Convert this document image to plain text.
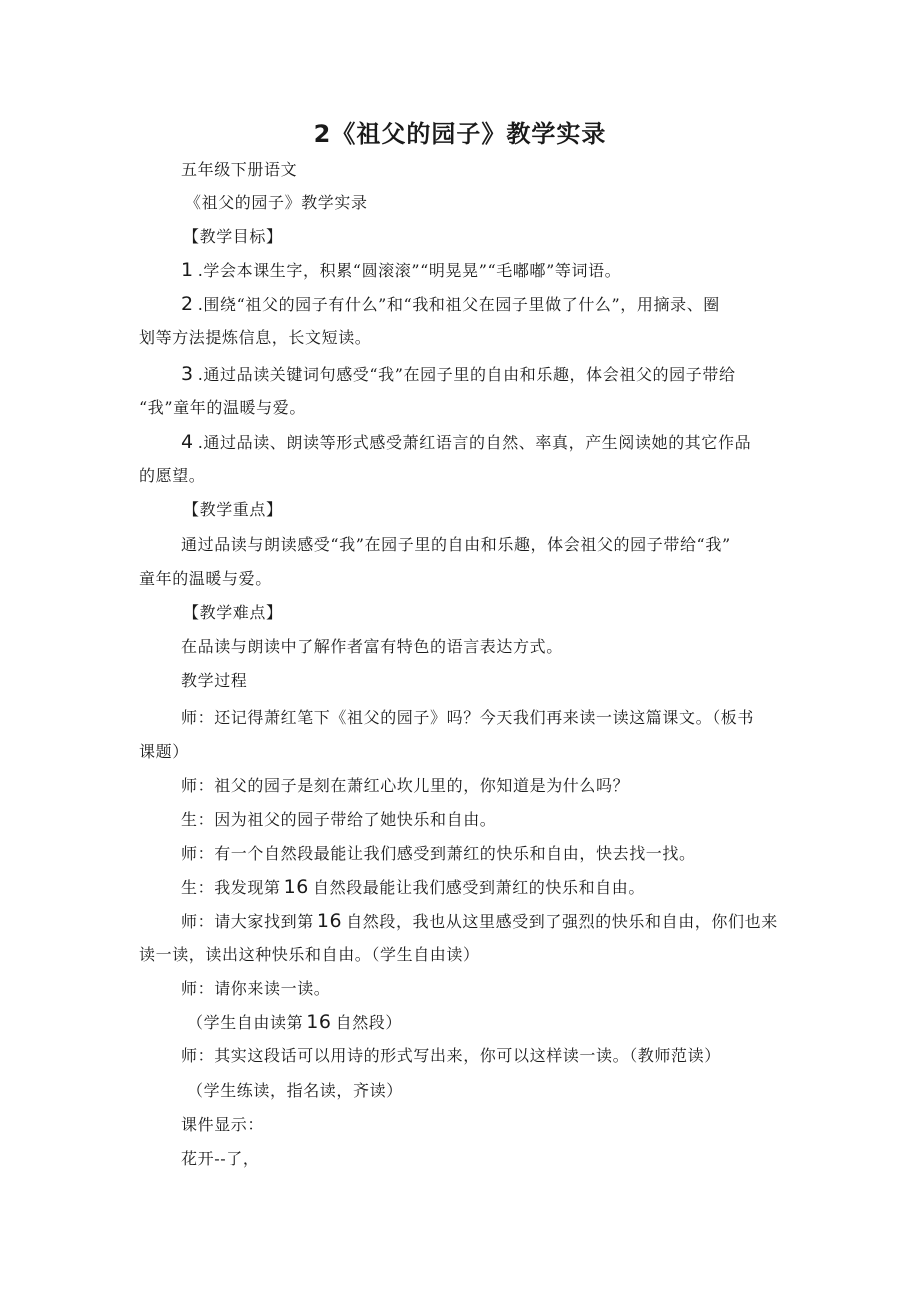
2《祖父的园子》教学实录
五年级下册语文
《祖父的园子》教学实录
【教学目标】
1 .学会本课生字，积累“圆滚滚”“明晃晃”“毛嘟嘟”等词语。
2 .围绕“祖父的园子有什么”和“我和祖父在园子里做了什么”，用摘录、圈
划等方法提炼信息，长文短读。
3 .通过品读关键词句感受“我”在园子里的自由和乐趣，体会祖父的园子带给
“我”童年的温暖与爱。
4 .通过品读、朗读等形式感受萧红语言的自然、率真，产生阅读她的其它作品
的愿望。
【教学重点】
通过品读与朗读感受“我”在园子里的自由和乐趣，体会祖父的园子带给“我”
童年的温暖与爱。
【教学难点】
在品读与朗读中了解作者富有特色的语言表达方式。
教学过程
师：还记得萧红笔下《祖父的园子》吗？今天我们再来读一读这篇课文。（板书
课题）
师：祖父的园子是刻在萧红心坎儿里的，你知道是为什么吗？
生：因为祖父的园子带给了她快乐和自由。
师：有一个自然段最能让我们感受到萧红的快乐和自由，快去找一找。
生：我发现第 16 自然段最能让我们感受到萧红的快乐和自由。
师：请大家找到第 16 自然段，我也从这里感受到了强烈的快乐和自由，你们也来
读一读，读出这种快乐和自由。（学生自由读）
师：请你来读一读。
（学生自由读第 16 自然段）
师：其实这段话可以用诗的形式写出来，你可以这样读一读。（教师范读）
（学生练读，指名读，齐读）
课件显示：
花开--了，
